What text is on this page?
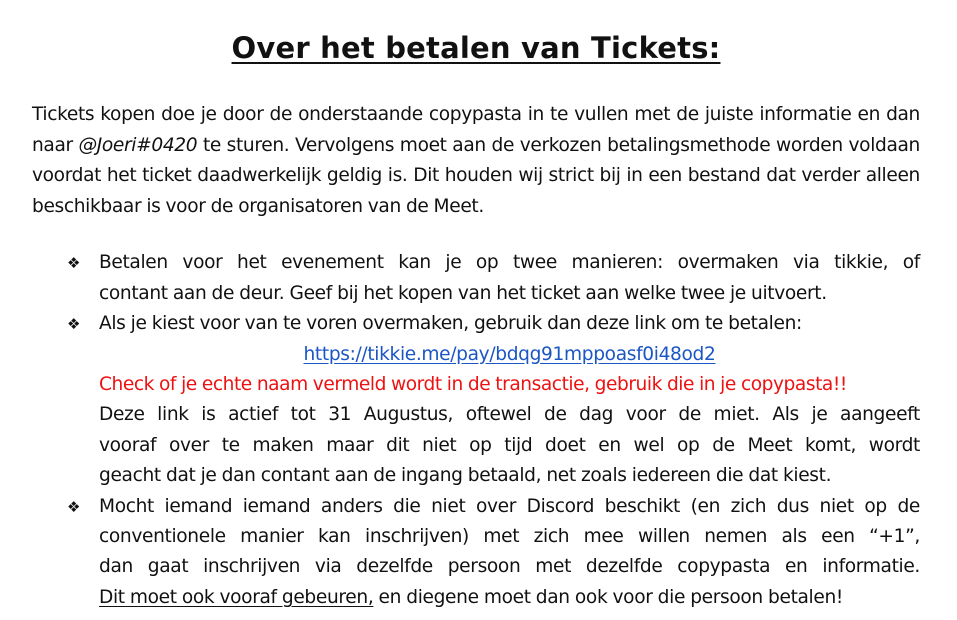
Over het betalen van Tickets:

Tickets kopen doe je door de onderstaande copypasta in te vullen met de juiste informatie en dan naar @Joeri#0420 te sturen. Vervolgens moet aan de verkozen betalingsmethode worden voldaan voordat het ticket daadwerkelijk geldig is. Dit houden wij strict bij in een bestand dat verder alleen beschikbaar is voor de organisatoren van de Meet.

❖ Betalen voor het evenement kan je op twee manieren: overmaken via tikkie, of
contant aan de deur. Geef bij het kopen van het ticket aan welke twee je uitvoert.
❖ Als je kiest voor van te voren overmaken, gebruik dan deze link om te betalen:
https://tikkie.me/pay/bdqg91mppoasf0i48od2
Check of je echte naam vermeld wordt in de transactie, gebruik die in je copypasta!!
Deze link is actief tot 31 Augustus, oftewel de dag voor de miet. Als je aangeeft
vooraf over te maken maar dit niet op tijd doet en wel op de Meet komt, wordt
geacht dat je dan contant aan de ingang betaald, net zoals iedereen die dat kiest.
❖ Mocht iemand iemand anders die niet over Discord beschikt (en zich dus niet op de
conventionele manier kan inschrijven) met zich mee willen nemen als een “+1”,
dan gaat inschrijven via dezelfde persoon met dezelfde copypasta en informatie.
Dit moet ook vooraf gebeuren, en diegene moet dan ook voor die persoon betalen!
